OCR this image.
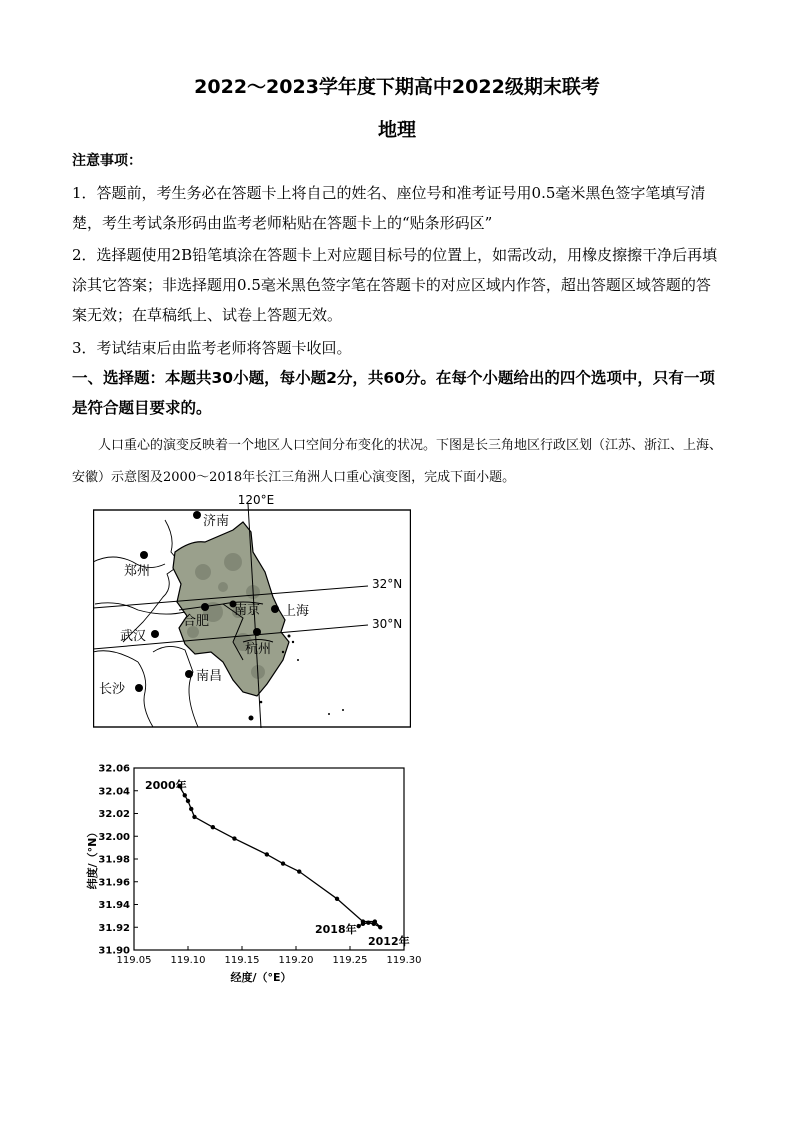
2022～2023学年度下期高中2022级期末联考
地理
注意事项：
1．答题前，考生务必在答题卡上将自己的姓名、座位号和准考证号用0.5毫米黑色签字笔填写清楚，考生考试条形码由监考老师粘贴在答题卡上的“贴条形码区”
2．选择题使用2B铅笔填涂在答题卡上对应题目标号的位置上，如需改动，用橡皮擦擦干净后再填涂其它答案；非选择题用0.5毫米黑色签字笔在答题卡的对应区域内作答，超出答题区域答题的答案无效；在草稿纸上、试卷上答题无效。
3．考试结束后由监考老师将答题卡收回。
一、选择题：本题共30小题，每小题2分，共60分。在每个小题给出的四个选项中，只有一项是符合题目要求的。
人口重心的演变反映着一个地区人口空间分布变化的状况。下图是长三角地区行政区划（江苏、浙江、上海、安徽）示意图及2000～2018年长江三角洲人口重心演变图，完成下面小题。
120°E
32°N
30°N
济南
郑州
武汉
长沙
南昌
合肥
南京 上海
杭州
119.05 119.10 119.15 119.20 119.25 119.30
31.90
31.92
31.94
31.96
31.98
32.00
32.02
32.04
32.06
经度/（°E）
纬度/（°N）
2000年
2018年
2012年
